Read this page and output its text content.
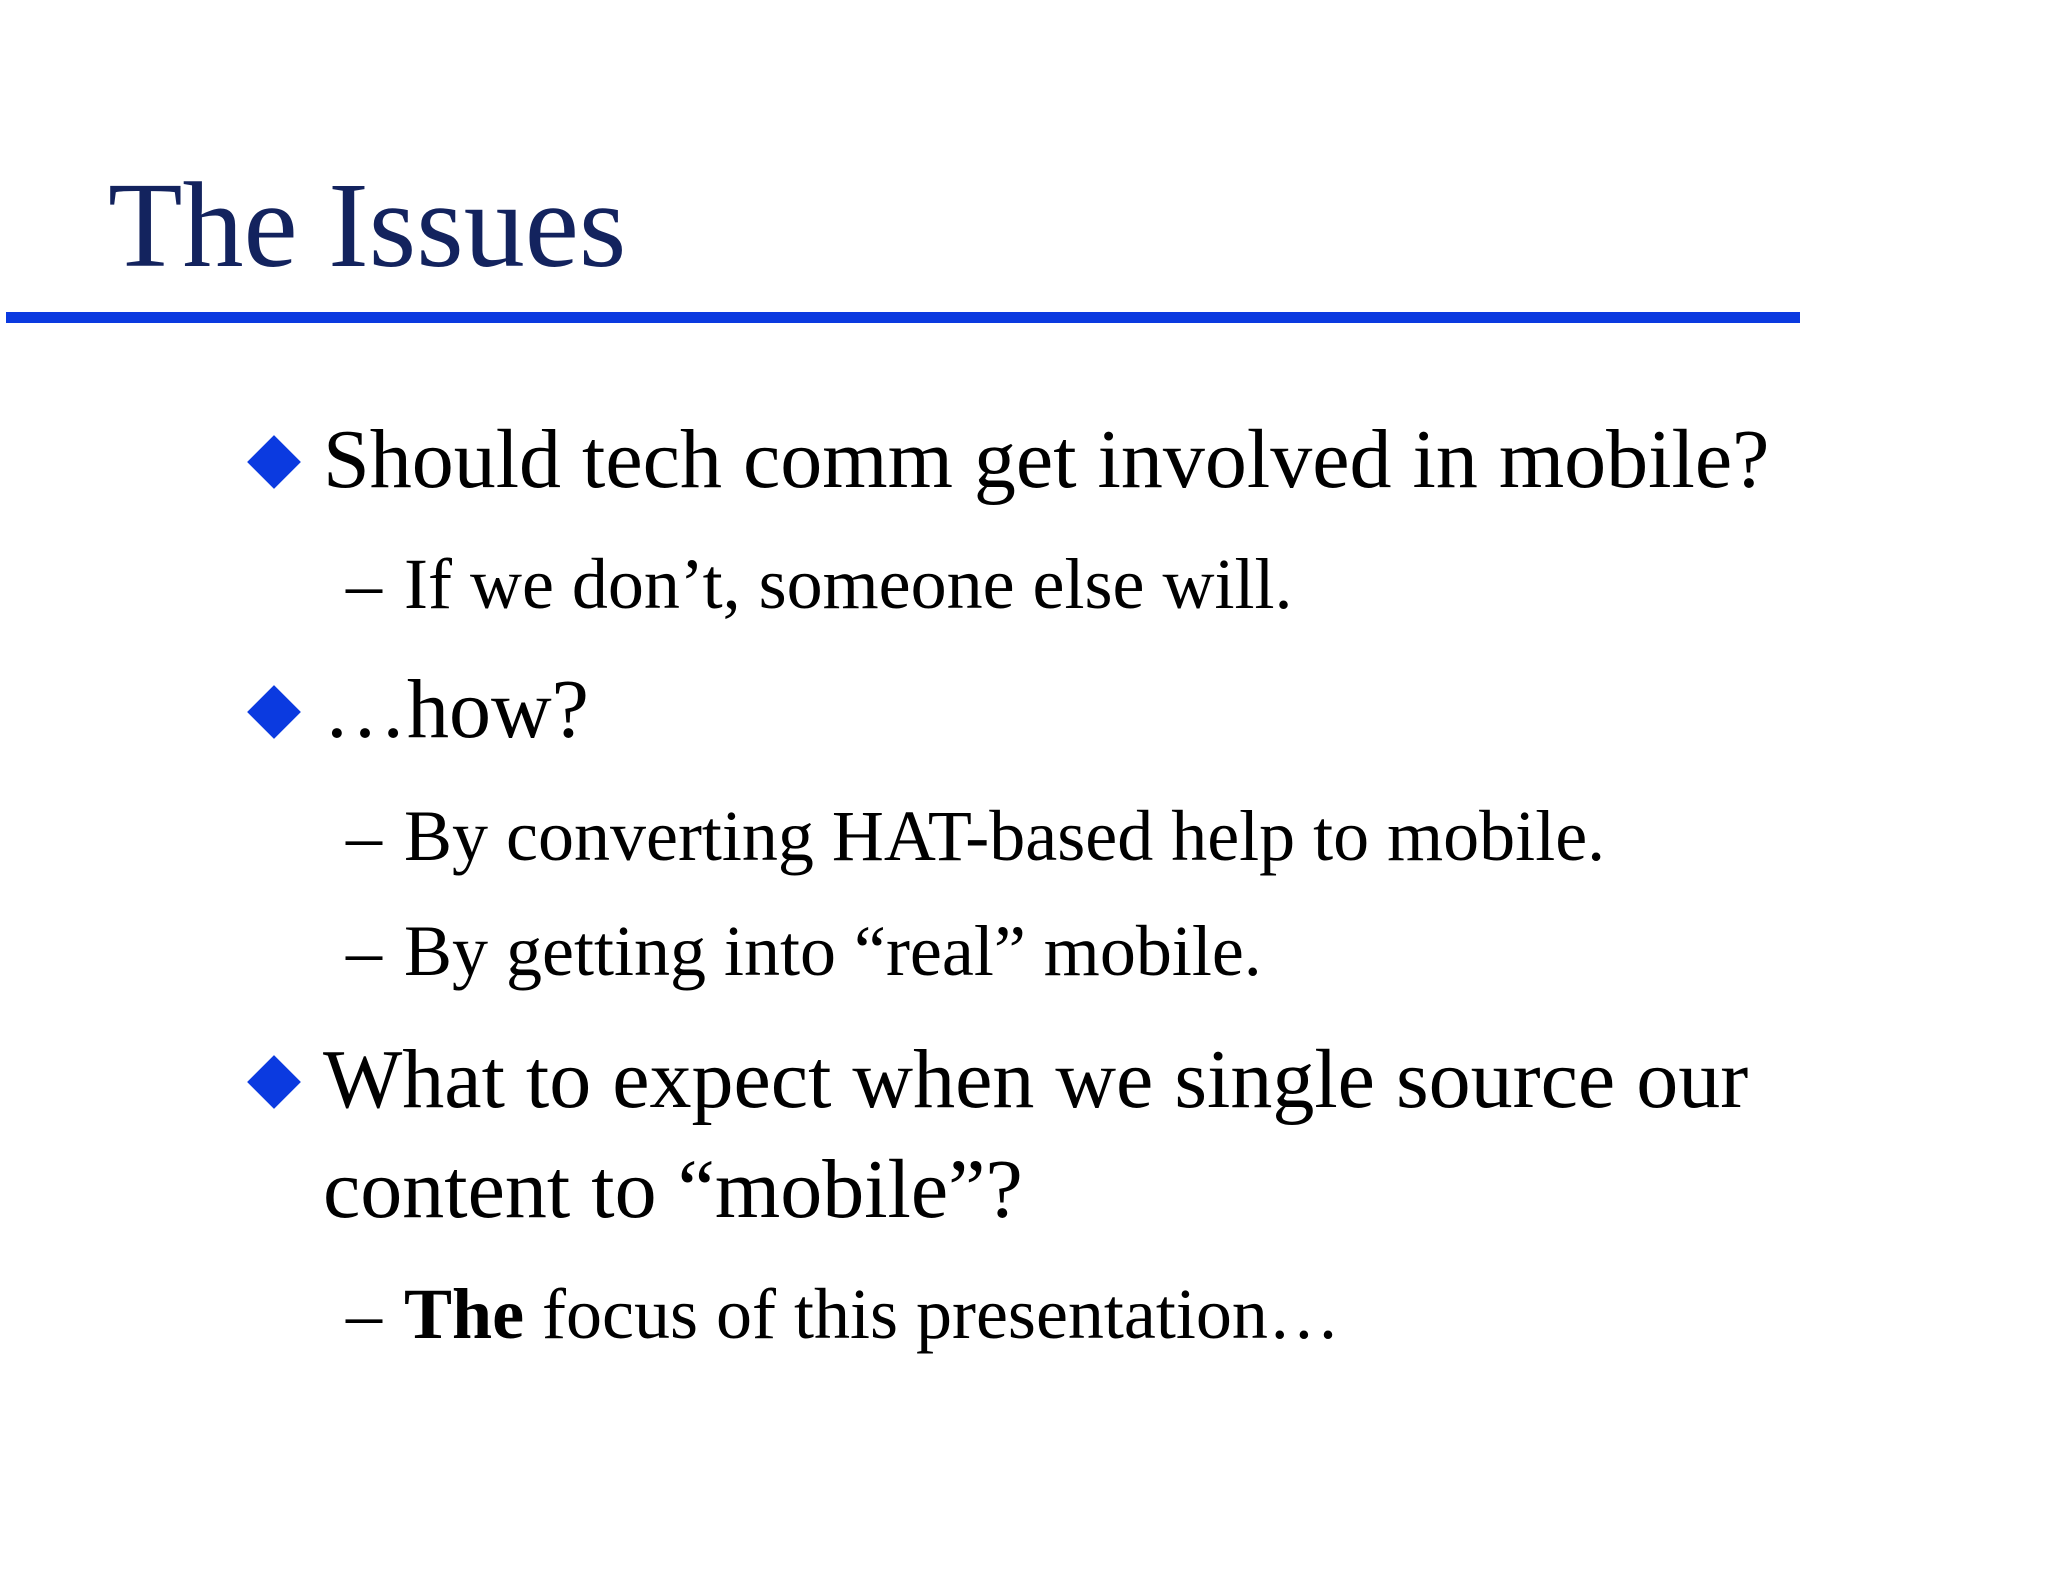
The Issues
Should tech comm get involved in mobile?
– If we don’t, someone else will.
…how?
– By converting HAT-based help to mobile.
– By getting into “real” mobile.
What to expect when we single source our content to “mobile”?
– The focus of this presentation…
